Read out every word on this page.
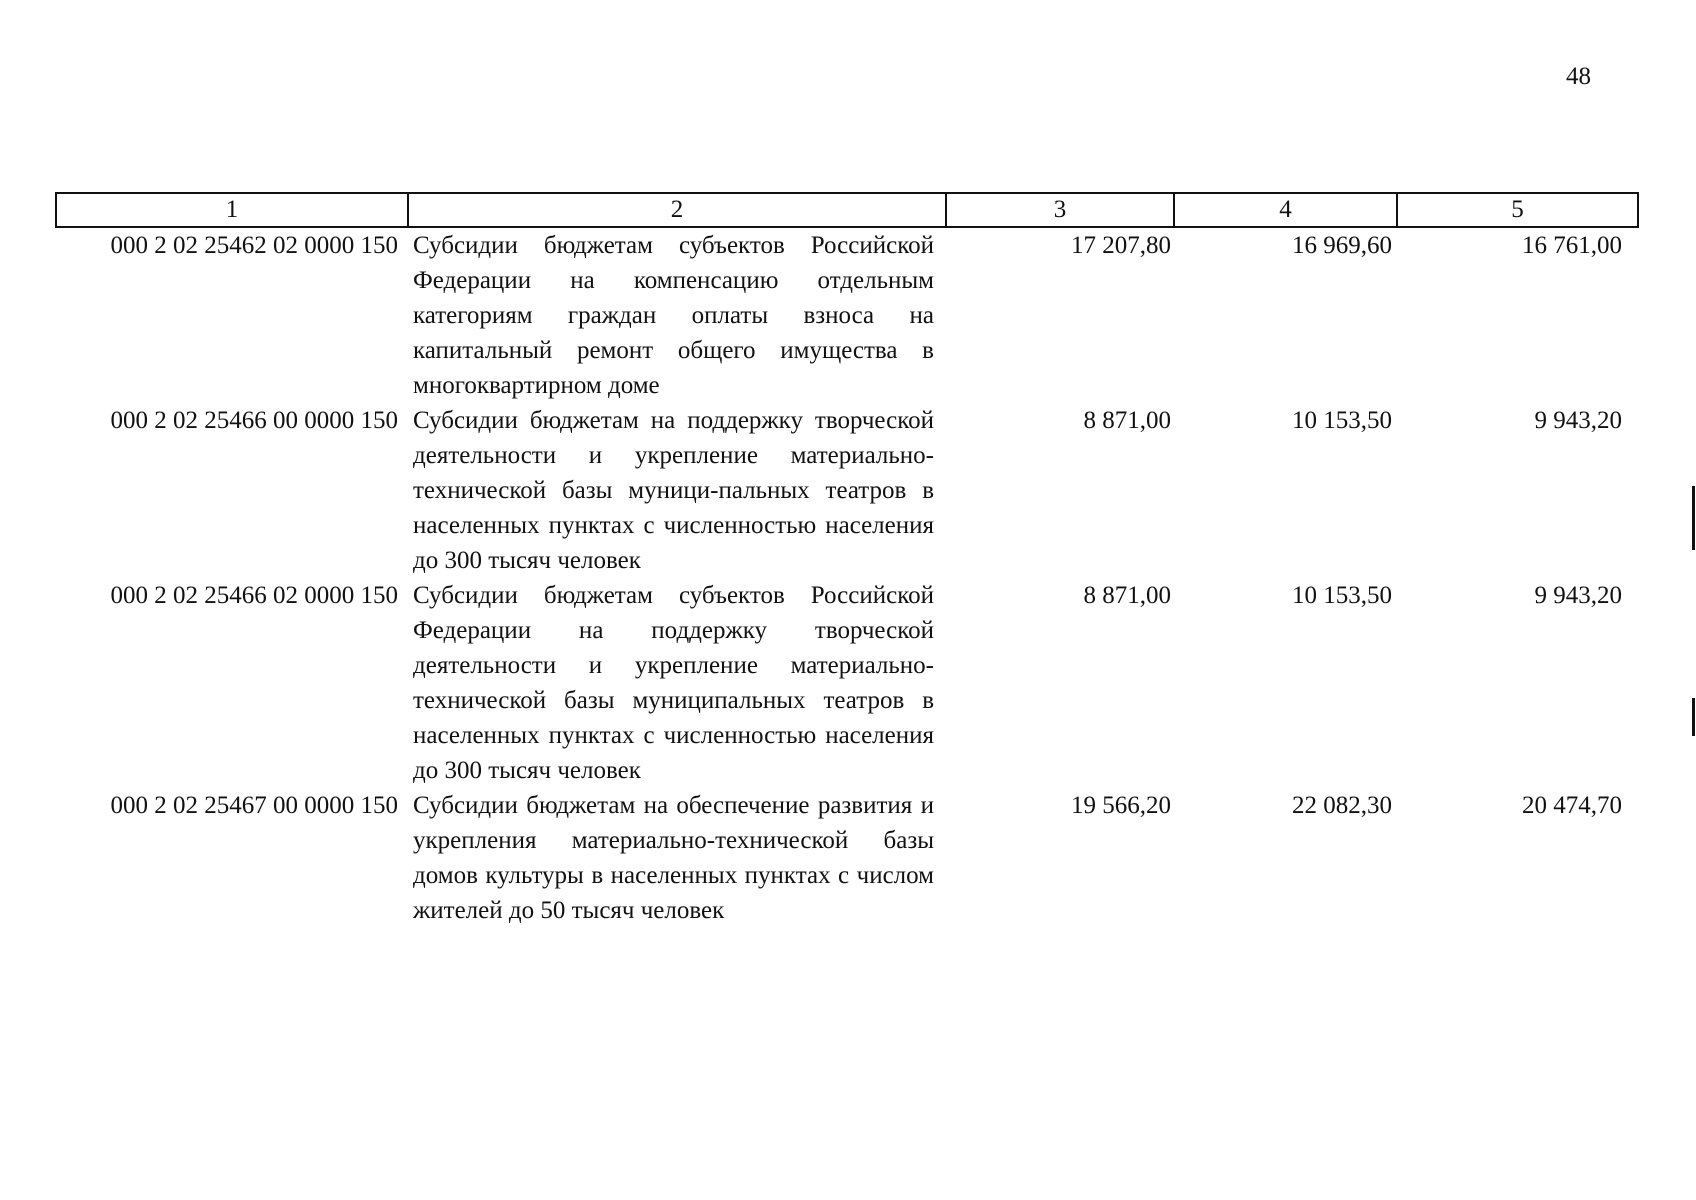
48
1	2	3	4	5
000 2 02 25462 02 0000 150	Субсидии бюджетам субъектов Российской Федерации на компенсацию отдельным категориям граждан оплаты взноса на капитальный ремонт общего имущества в многоквартирном доме	17 207,80	16 969,60	16 761,00
000 2 02 25466 00 0000 150	Субсидии бюджетам на поддержку творческой деятельности и укрепление материально-технической базы муници-пальных театров в населенных пунктах с численностью населения до 300 тысяч человек	8 871,00	10 153,50	9 943,20
000 2 02 25466 02 0000 150	Субсидии бюджетам субъектов Российской Федерации на поддержку творческой деятельности и укрепление материально-технической базы муниципальных театров в населенных пунктах с численностью населения до 300 тысяч человек	8 871,00	10 153,50	9 943,20
000 2 02 25467 00 0000 150	Субсидии бюджетам на обеспечение развития и укрепления материально-технической базы домов культуры в населенных пунктах с числом жителей до 50 тысяч человек	19 566,20	22 082,30	20 474,70
